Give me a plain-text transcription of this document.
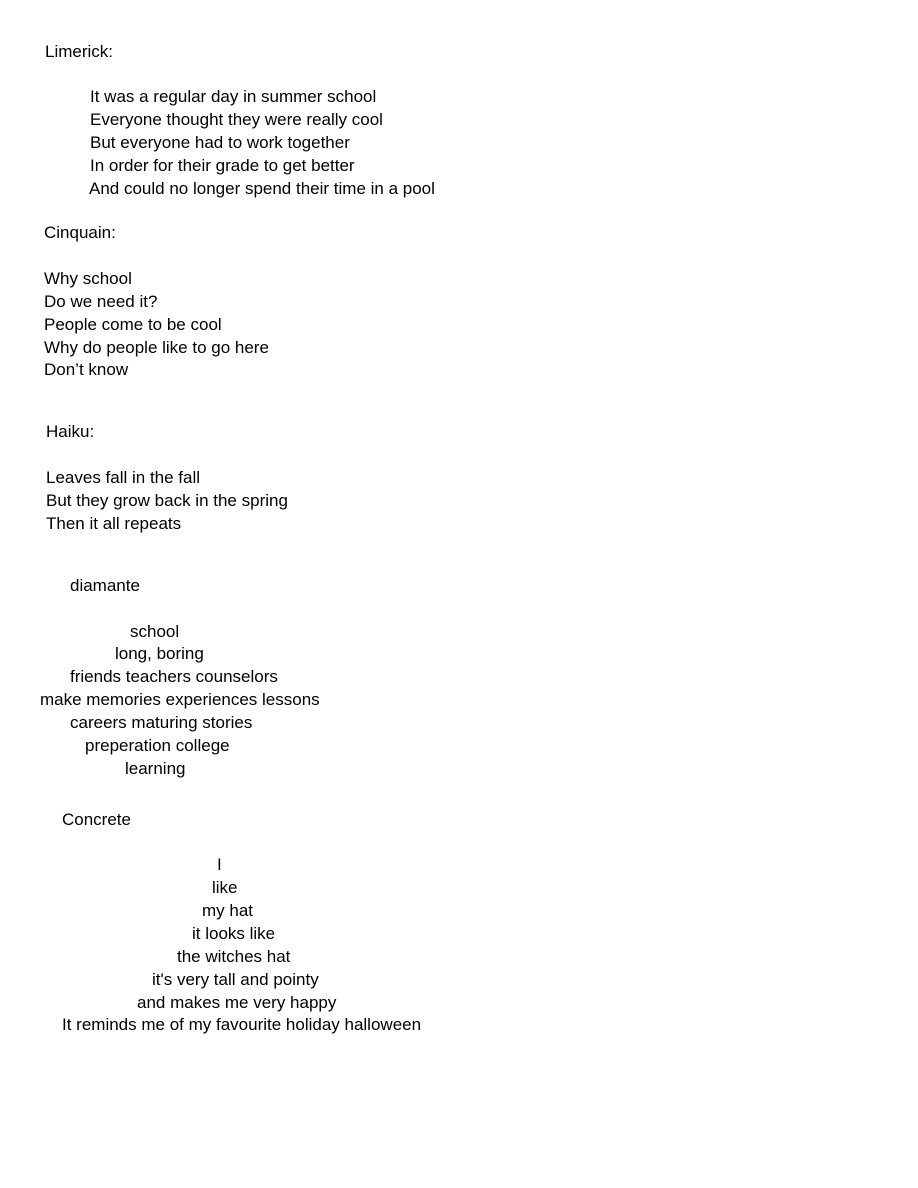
Limerick:
It was a regular day in summer school
Everyone thought they were really cool
But everyone had to work together
In order for their grade to get better
And could no longer spend their time in a pool
Cinquain:
Why school
Do we need it?
People come to be cool
Why do people like to go here
Don’t know
Haiku:
Leaves fall in the fall
But they grow back in the spring
Then it all repeats
diamante
school
long, boring
friends teachers counselors
make memories experiences lessons
careers maturing stories
preperation college
learning
Concrete
I
like
my hat
it looks like
the witches hat
it's very tall and pointy
and makes me very happy
It reminds me of my favourite holiday halloween
